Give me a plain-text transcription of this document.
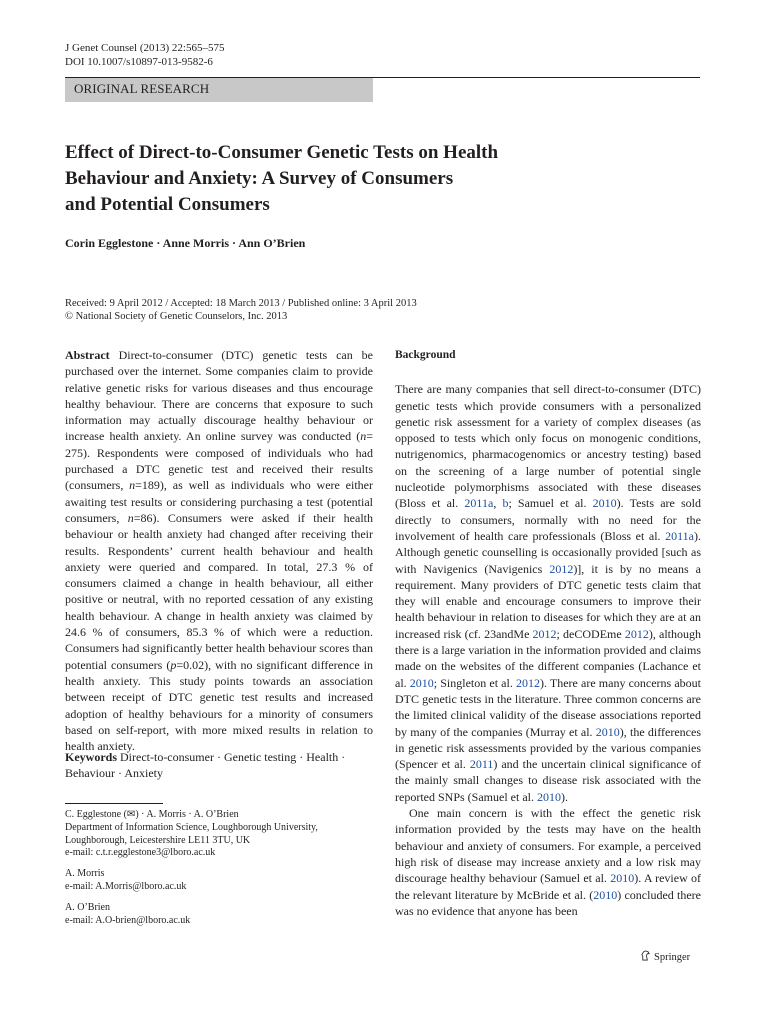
J Genet Counsel (2013) 22:565–575
DOI 10.1007/s10897-013-9582-6
ORIGINAL RESEARCH
Effect of Direct-to-Consumer Genetic Tests on Health
Behaviour and Anxiety: A Survey of Consumers
and Potential Consumers
Corin Egglestone · Anne Morris · Ann O’Brien
Received: 9 April 2012 / Accepted: 18 March 2013 / Published online: 3 April 2013
© National Society of Genetic Counselors, Inc. 2013

Abstract Direct-to-consumer (DTC) genetic tests can be purchased over the internet. Some companies claim to provide relative genetic risks for various diseases and thus encourage healthy behaviour. There are concerns that exposure to such information may actually discourage healthy behaviour or increase health anxiety. An online survey was conducted (n= 275). Respondents were composed of individuals who had purchased a DTC genetic test and received their results (consumers, n=189), as well as individuals who were either awaiting test results or considering purchasing a test (potential consumers, n=86). Consumers were asked if their health behaviour or health anxiety had changed after receiving their results. Respondents’ current health behaviour and health anxiety were queried and compared. In total, 27.3 % of consumers claimed a change in health behaviour, all either positive or neutral, with no reported cessation of any existing health behaviour. A change in health anxiety was claimed by 24.6 % of consumers, 85.3 % of which were a reduction. Consumers had significantly better health behaviour scores than potential consumers (p=0.02), with no significant difference in health anxiety. This study points towards an association between receipt of DTC genetic test results and increased adoption of healthy behaviours for a minority of consumers based on self-report, with more mixed results in relation to health anxiety.

Keywords Direct-to-consumer · Genetic testing · Health · Behaviour · Anxiety
C. Egglestone (✉) · A. Morris · A. O’Brien
Department of Information Science, Loughborough University,
Loughborough, Leicestershire LE11 3TU, UK
e-mail: c.t.r.egglestone3@lboro.ac.uk
A. Morris
e-mail: A.Morris@lboro.ac.uk
A. O’Brien
e-mail: A.O-brien@lboro.ac.uk

Background

There are many companies that sell direct-to-consumer (DTC) genetic tests which provide consumers with a personalized genetic risk assessment for a variety of complex diseases (as opposed to tests which only focus on monogenic conditions, nutrigenomics, pharmacogenomics or ancestry testing) based on the screening of a large number of potential single nucleotide polymorphisms associated with these diseases (Bloss et al. 2011a, b; Samuel et al. 2010). Tests are sold directly to consumers, normally with no need for the involvement of health care professionals (Bloss et al. 2011a). Although genetic counselling is occasionally provided [such as with Navigenics (Navigenics 2012)], it is by no means a requirement. Many providers of DTC genetic tests claim that they will enable and encourage consumers to improve their health behaviour in relation to diseases for which they are at an increased risk (cf. 23andMe 2012; deCODEme 2012), although there is a large variation in the information provided and claims made on the websites of the different companies (Lachance et al. 2010; Singleton et al. 2012). There are many concerns about DTC genetic tests in the literature. Three common concerns are the limited clinical validity of the disease associations reported by many of the companies (Murray et al. 2010), the differences in genetic risk assessments provided by the various companies (Spencer et al. 2011) and the uncertain clinical significance of the mainly small changes to disease risk associated with the reported SNPs (Samuel et al. 2010).

One main concern is with the effect the genetic risk information provided by the tests may have on the health behaviour and anxiety of consumers. For example, a perceived high risk of disease may increase anxiety and a low risk may discourage healthy behaviour (Samuel et al. 2010). A review of the relevant literature by McBride et al. (2010) concluded there was no evidence that anyone has been

Springer
